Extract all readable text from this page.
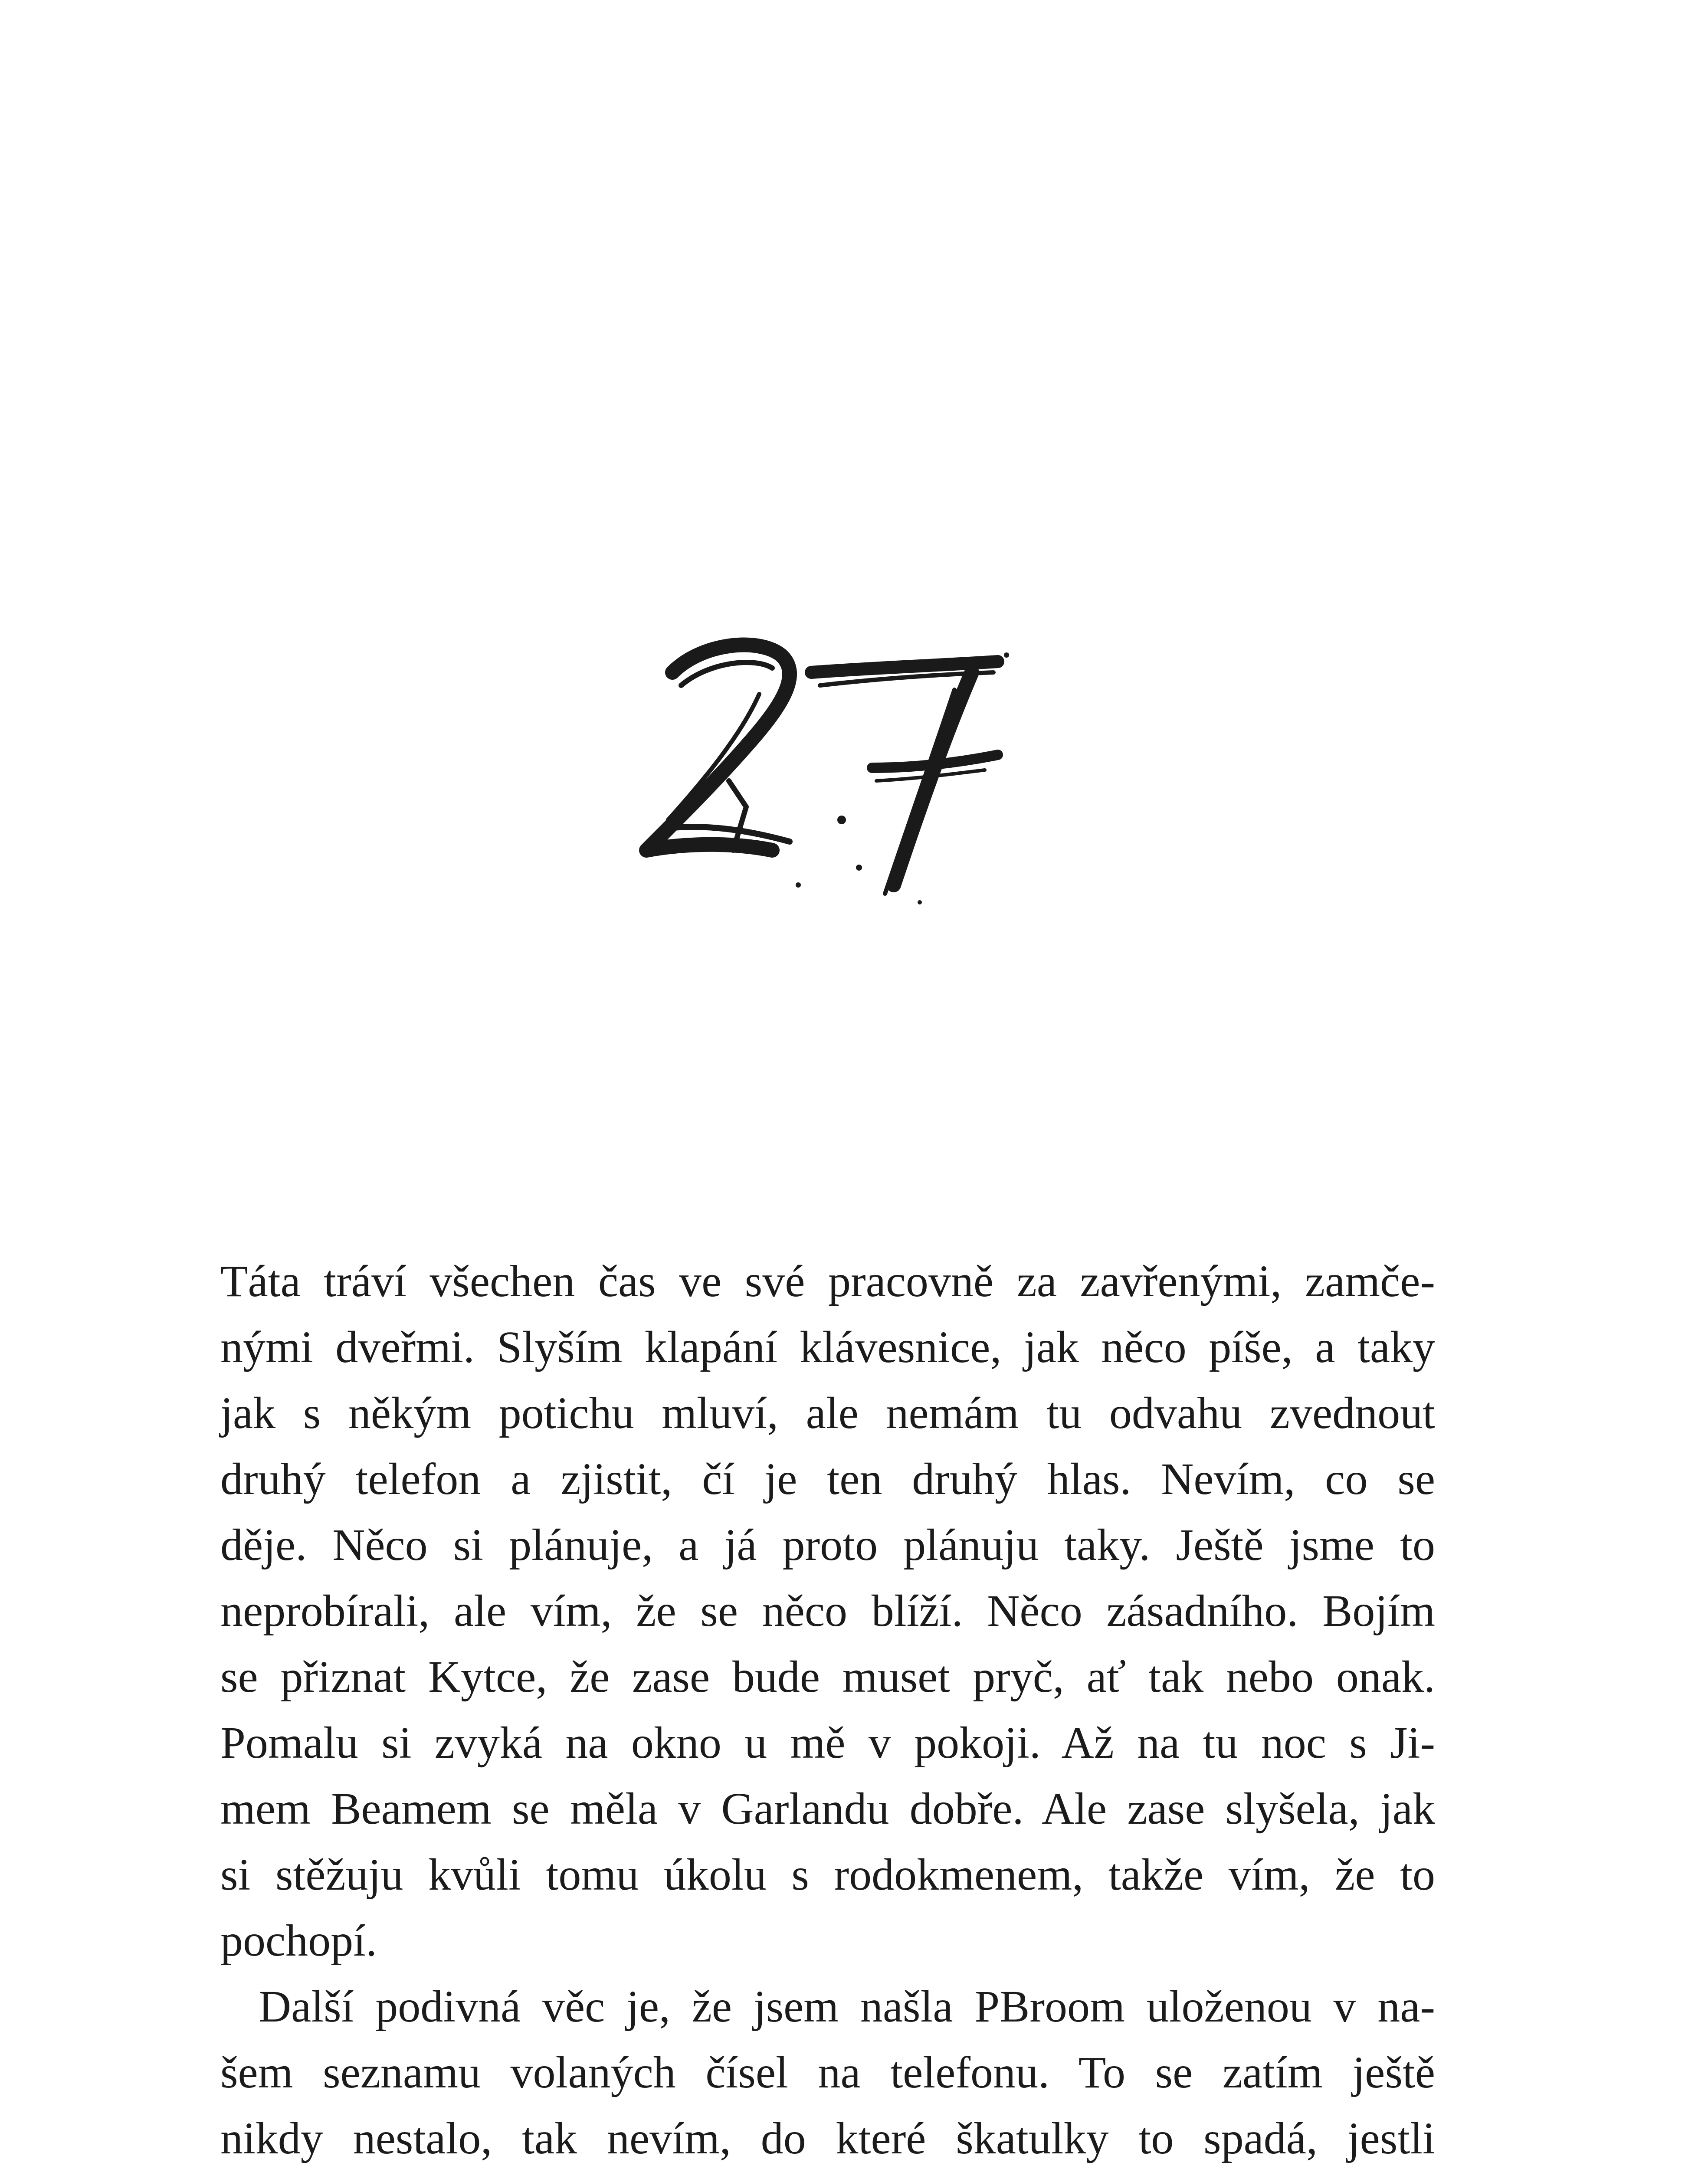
Táta tráví všechen čas ve své pracovně za zavřenými, zamče-
nými dveřmi. Slyším klapání klávesnice, jak něco píše, a taky
jak s někým potichu mluví, ale nemám tu odvahu zvednout
druhý telefon a zjistit, čí je ten druhý hlas. Nevím, co se
děje. Něco si plánuje, a já proto plánuju taky. Ještě jsme to
neprobírali, ale vím, že se něco blíží. Něco zásadního. Bojím
se přiznat Kytce, že zase bude muset pryč, ať tak nebo onak.
Pomalu si zvyká na okno u mě v pokoji. Až na tu noc s Ji-
mem Beamem se měla v Garlandu dobře. Ale zase slyšela, jak
si stěžuju kvůli tomu úkolu s rodokmenem, takže vím, že to
pochopí.
Další podivná věc je, že jsem našla PBroom uloženou v na-
šem seznamu volaných čísel na telefonu. To se zatím ještě
nikdy nestalo, tak nevím, do které škatulky to spadá, jestli
